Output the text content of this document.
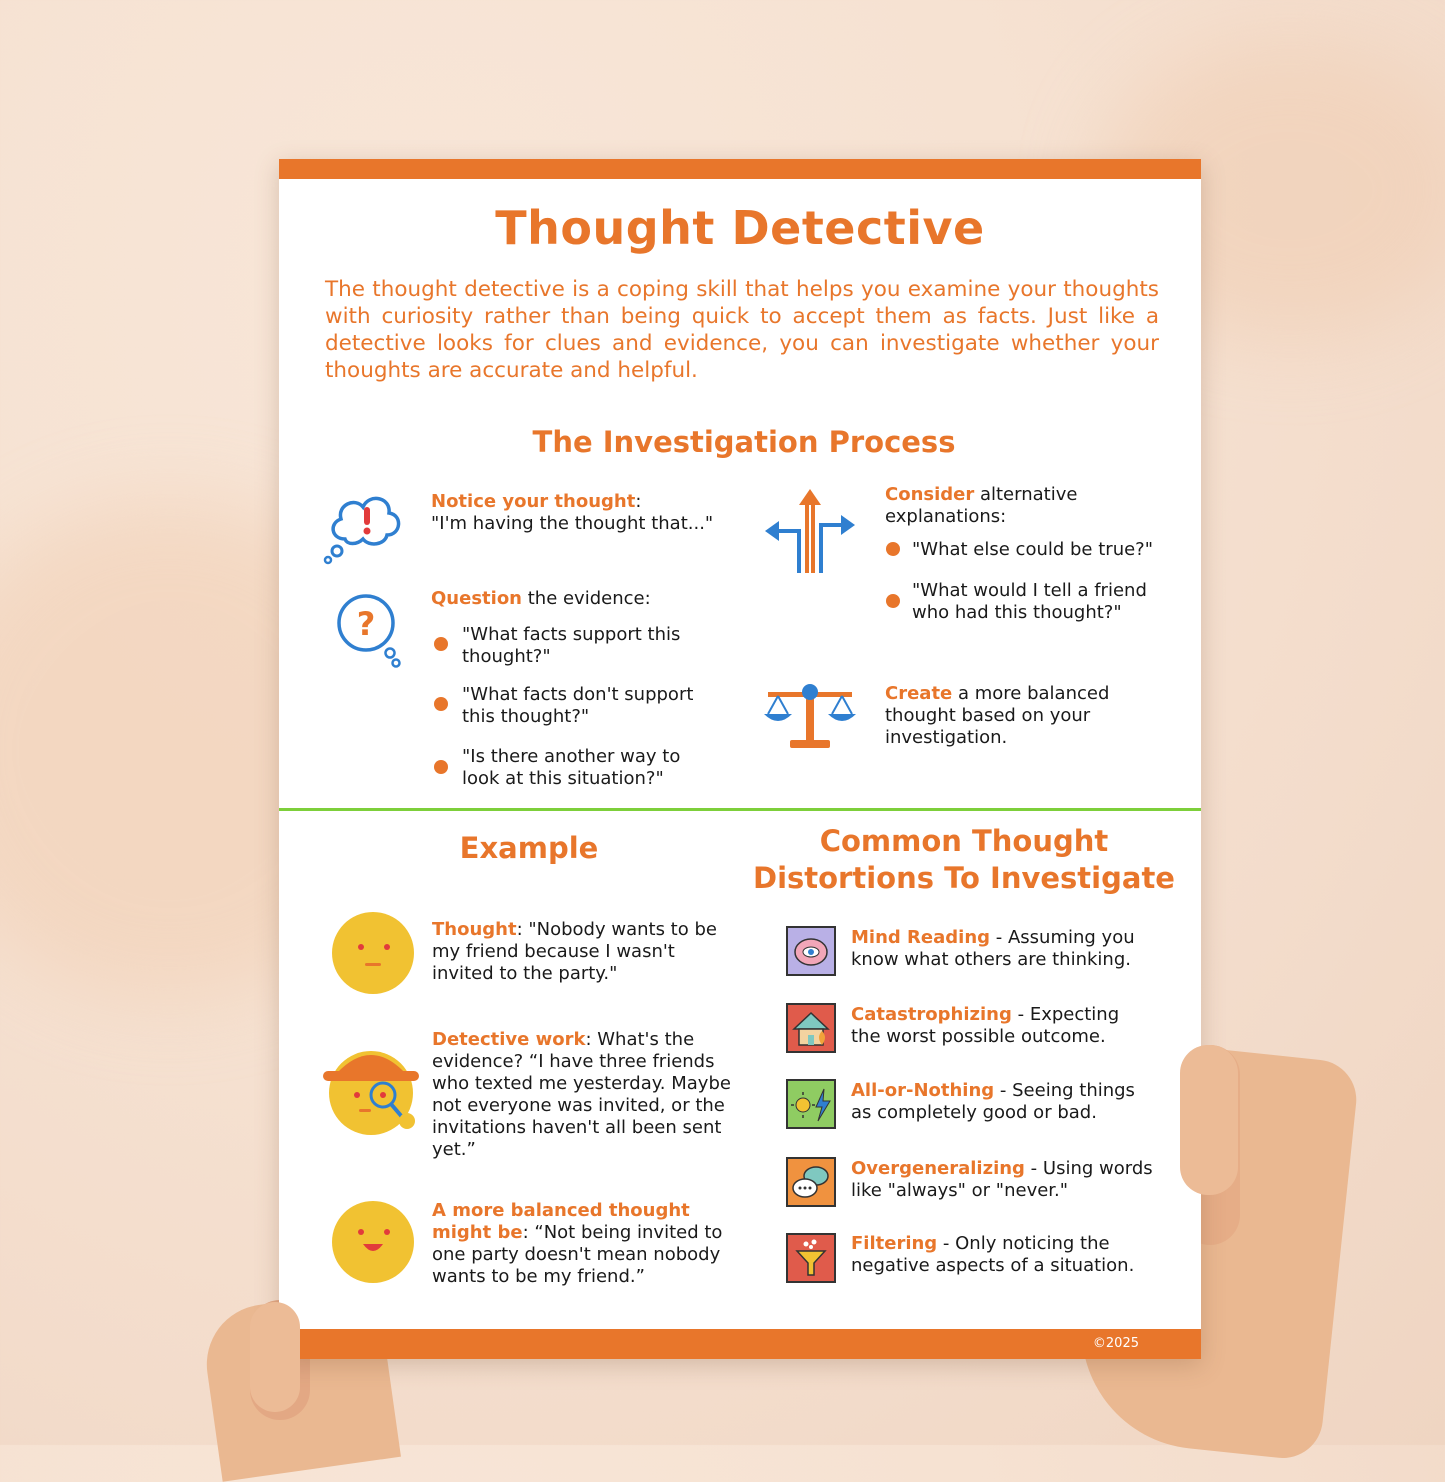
Thought Detective
The thought detective is a coping skill that helps you examine your thoughts with curiosity rather than being quick to accept them as facts. Just like a detective looks for clues and evidence, you can investigate whether your thoughts are accurate and helpful.
The Investigation Process
Notice your thought:
"I'm having the thought that..."
?
Question the evidence:
"What facts support this thought?"
"What facts don't support this thought?"
"Is there another way to look at this situation?"
Consider alternative explanations:
"What else could be true?"
"What would I tell a friend who had this thought?"
Create a more balanced thought based on your investigation.
Example
Thought: "Nobody wants to be my friend because I wasn't invited to the party."
Detective work: What's the evidence? “I have three friends who texted me yesterday. Maybe not everyone was invited, or the invitations haven't all been sent yet.”
A more balanced thought might be: “Not being invited to one party doesn't mean nobody wants to be my friend.”
Common Thought
Distortions To Investigate
Mind Reading - Assuming you know what others are thinking.
Catastrophizing - Expecting the worst possible outcome.
All-or-Nothing - Seeing things as completely good or bad.
Overgeneralizing - Using words like "always" or "never."
Filtering - Only noticing the negative aspects of a situation.
©2025
